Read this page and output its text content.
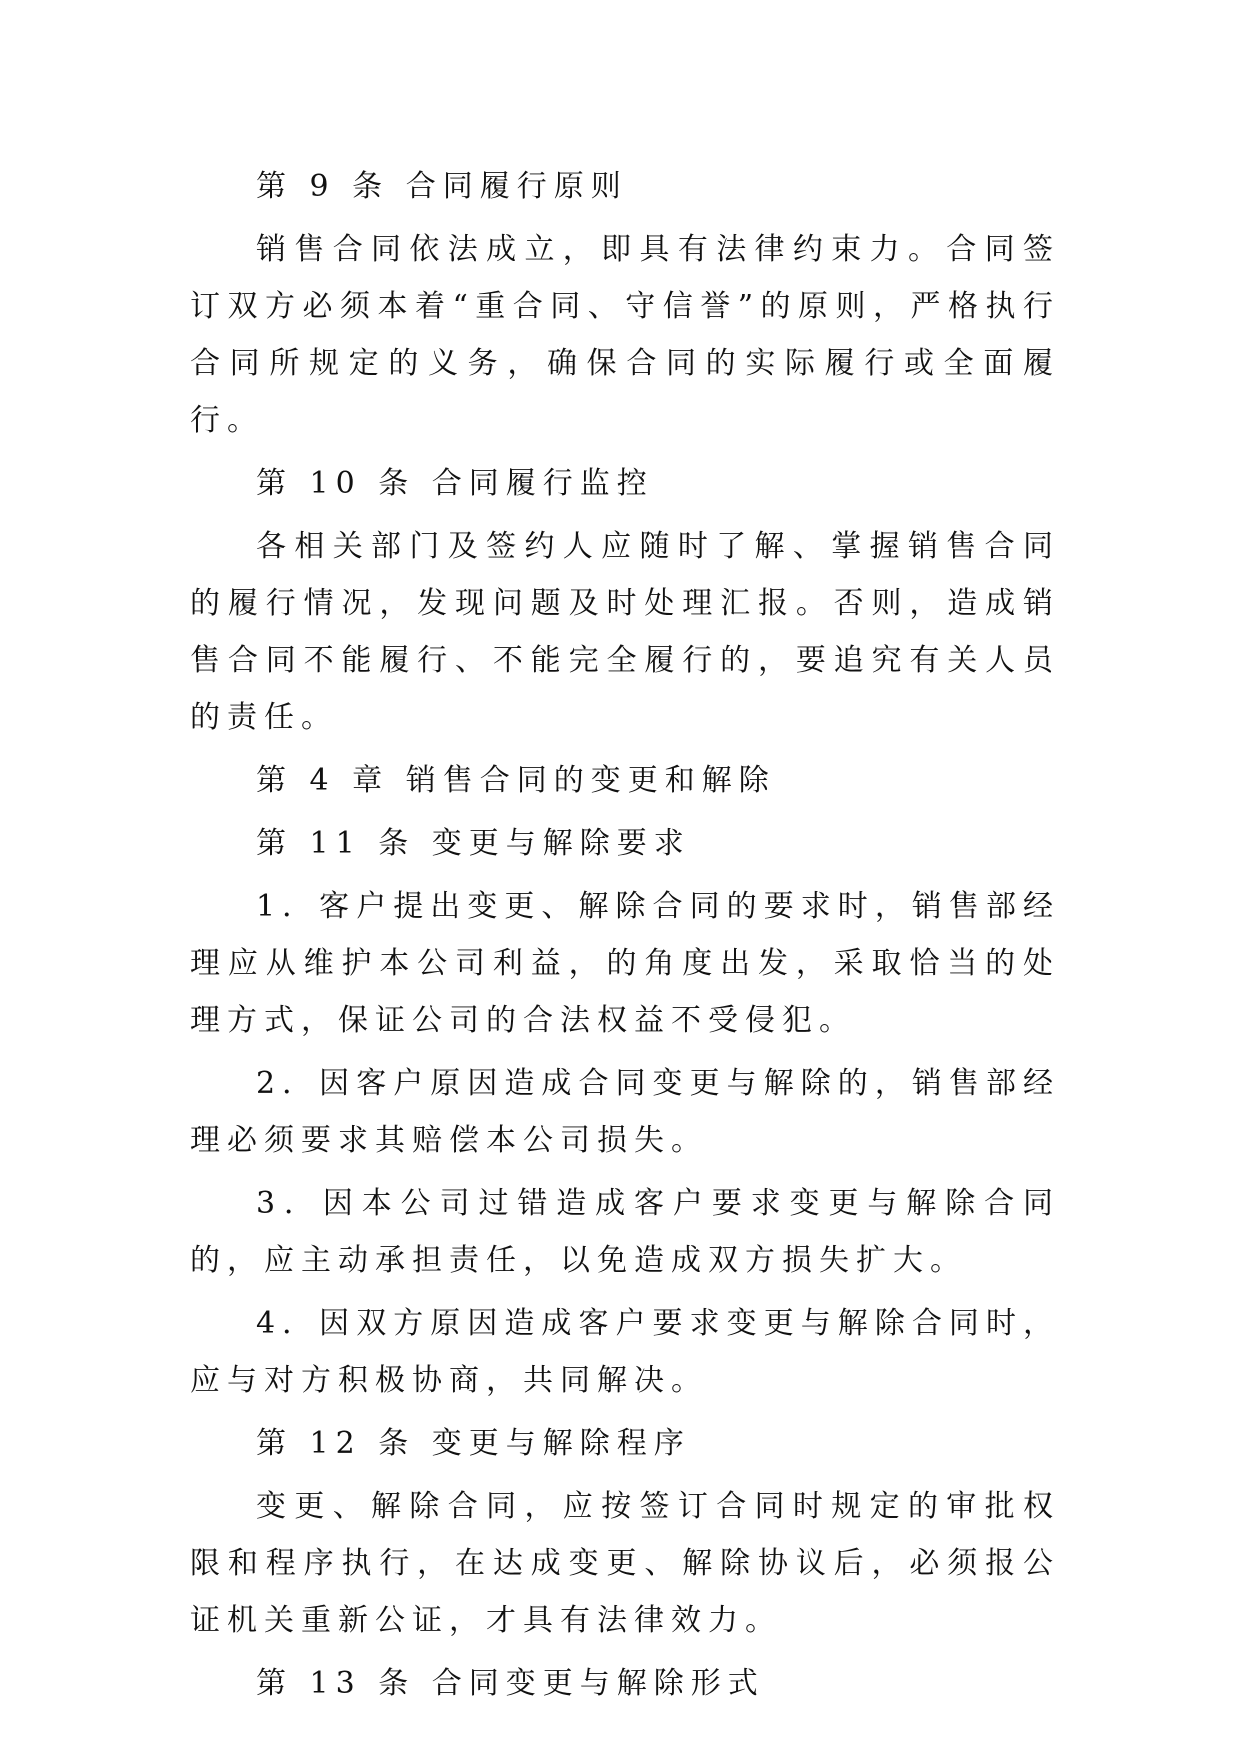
第 9 条 合同履行原则

销售合同依法成立，即具有法律约束力。合同签订双方必须本着“重合同、守信誉”的原则，严格执行合同所规定的义务，确保合同的实际履行或全面履行。

第 10 条 合同履行监控

各相关部门及签约人应随时了解、掌握销售合同的履行情况，发现问题及时处理汇报。否则，造成销售合同不能履行、不能完全履行的，要追究有关人员的责任。

第 4 章 销售合同的变更和解除

第 11 条 变更与解除要求

1．客户提出变更、解除合同的要求时，销售部经理应从维护本公司利益，的角度出发，采取恰当的处理方式，保证公司的合法权益不受侵犯。

2．因客户原因造成合同变更与解除的，销售部经理必须要求其赔偿本公司损失。

3．因本公司过错造成客户要求变更与解除合同的，应主动承担责任，以免造成双方损失扩大。

4．因双方原因造成客户要求变更与解除合同时，应与对方积极协商，共同解决。

第 12 条 变更与解除程序

变更、解除合同，应按签订合同时规定的审批权限和程序执行，在达成变更、解除协议后，必须报公证机关重新公证，才具有法律效力。

第 13 条 合同变更与解除形式
